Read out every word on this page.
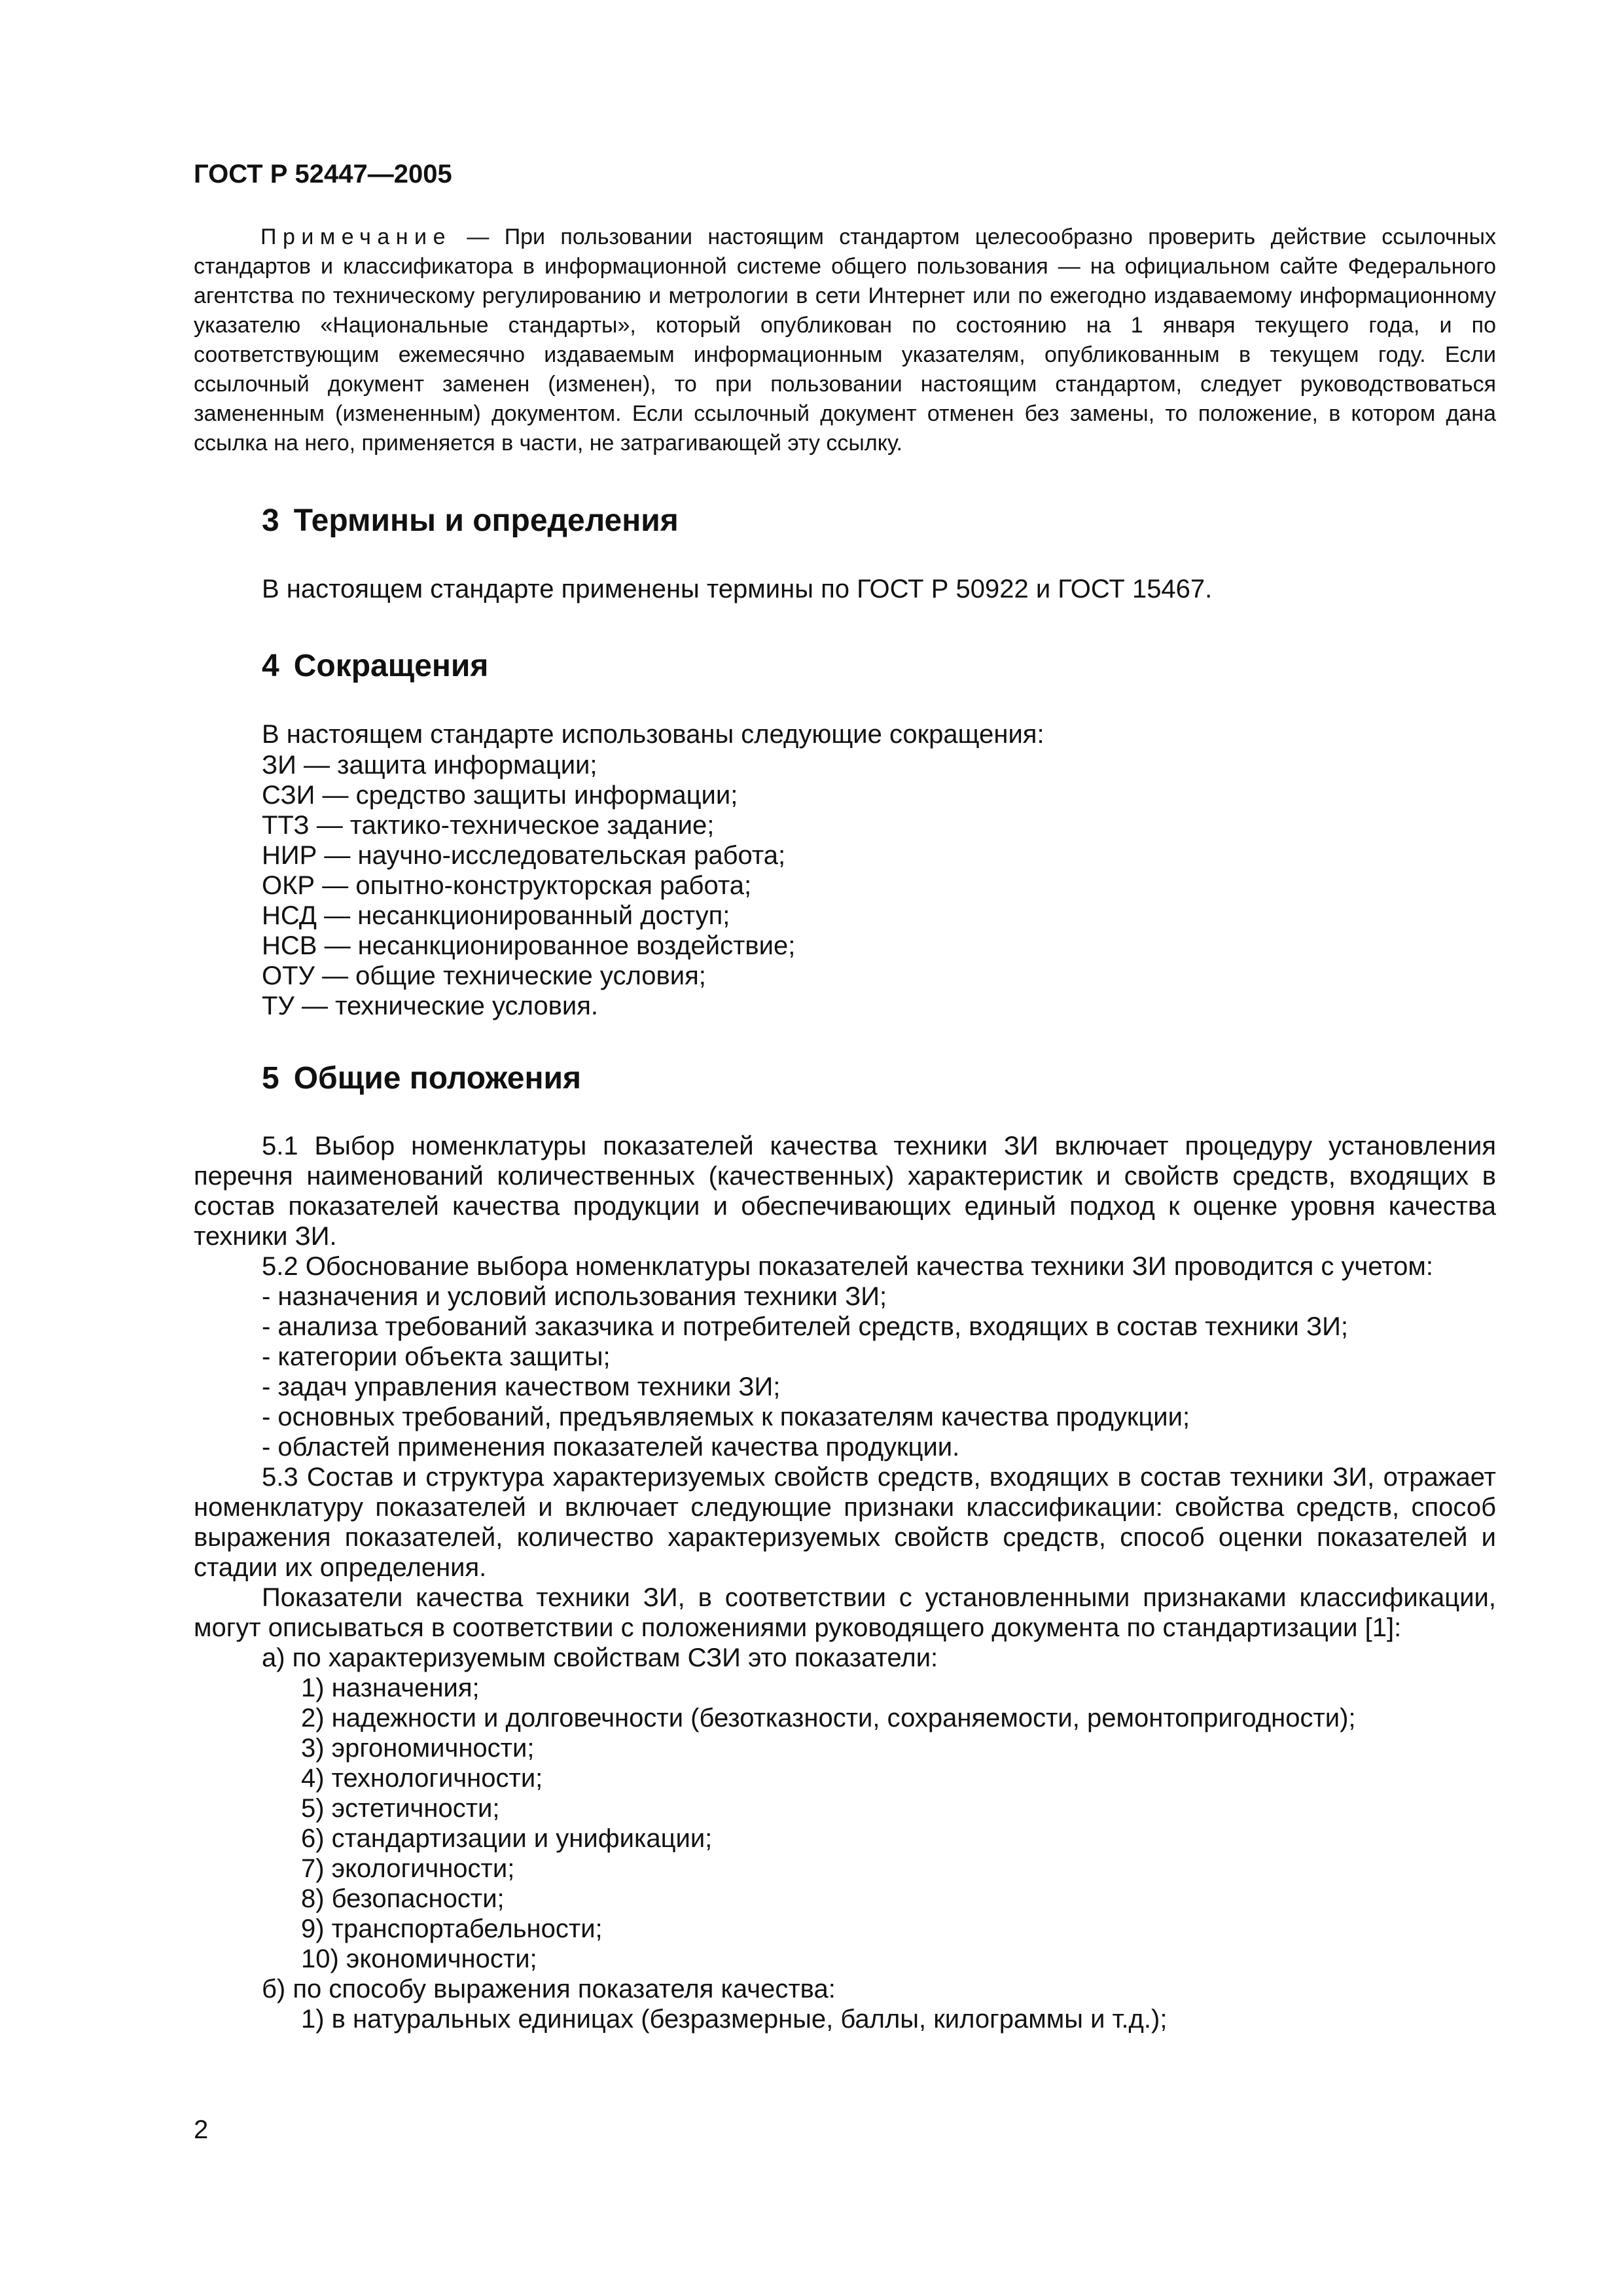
ГОСТ Р 52447—2005

Примечание — При пользовании настоящим стандартом целесообразно проверить действие ссылочных стандартов и классификатора в информационной системе общего пользования — на официальном сайте Федерального агентства по техническому регулированию и метрологии в сети Интернет или по ежегодно издаваемому информационному указателю «Национальные стандарты», который опубликован по состоянию на 1 января текущего года, и по соответствующим ежемесячно издаваемым информационным указателям, опубликованным в текущем году. Если ссылочный документ заменен (изменен), то при пользовании настоящим стандартом, следует руководствоваться замененным (измененным) документом. Если ссылочный документ отменен без замены, то положение, в котором дана ссылка на него, применяется в части, не затрагивающей эту ссылку.

3 Термины и определения

В настоящем стандарте применены термины по ГОСТ Р 50922 и ГОСТ 15467.

4 Сокращения

В настоящем стандарте использованы следующие сокращения:

ЗИ — защита информации;
СЗИ — средство защиты информации;
ТТЗ — тактико-техническое задание;
НИР — научно-исследовательская работа;
ОКР — опытно-конструкторская работа;
НСД — несанкционированный доступ;
НСВ — несанкционированное воздействие;
ОТУ — общие технические условия;
ТУ — технические условия.
5 Общие положения

5.1 Выбор номенклатуры показателей качества техники ЗИ включает процедуру установления перечня наименований количественных (качественных) характеристик и свойств средств, входящих в состав показателей качества продукции и обеспечивающих единый подход к оценке уровня качества техники ЗИ.

5.2 Обоснование выбора номенклатуры показателей качества техники ЗИ проводится с учетом:

- назначения и условий использования техники ЗИ;

- анализа требований заказчика и потребителей средств, входящих в состав техники ЗИ;

- категории объекта защиты;

- задач управления качеством техники ЗИ;

- основных требований, предъявляемых к показателям качества продукции;

- областей применения показателей качества продукции.

5.3 Состав и структура характеризуемых свойств средств, входящих в состав техники ЗИ, отражает номенклатуру показателей и включает следующие признаки классификации: свойства средств, способ выражения показателей, количество характеризуемых свойств средств, способ оценки показателей и стадии их определения.

Показатели качества техники ЗИ, в соответствии с установленными признаками классификации, могут описываться в соответствии с положениями руководящего документа по стандартизации [1]:

а) по характеризуемым свойствам СЗИ это показатели:

1) назначения;

2) надежности и долговечности (безотказности, сохраняемости, ремонтопригодности);

3) эргономичности;

4) технологичности;

5) эстетичности;

6) стандартизации и унификации;

7) экологичности;

8) безопасности;

9) транспортабельности;

10) экономичности;

б) по способу выражения показателя качества:

1) в натуральных единицах (безразмерные, баллы, килограммы и т.д.);

2
